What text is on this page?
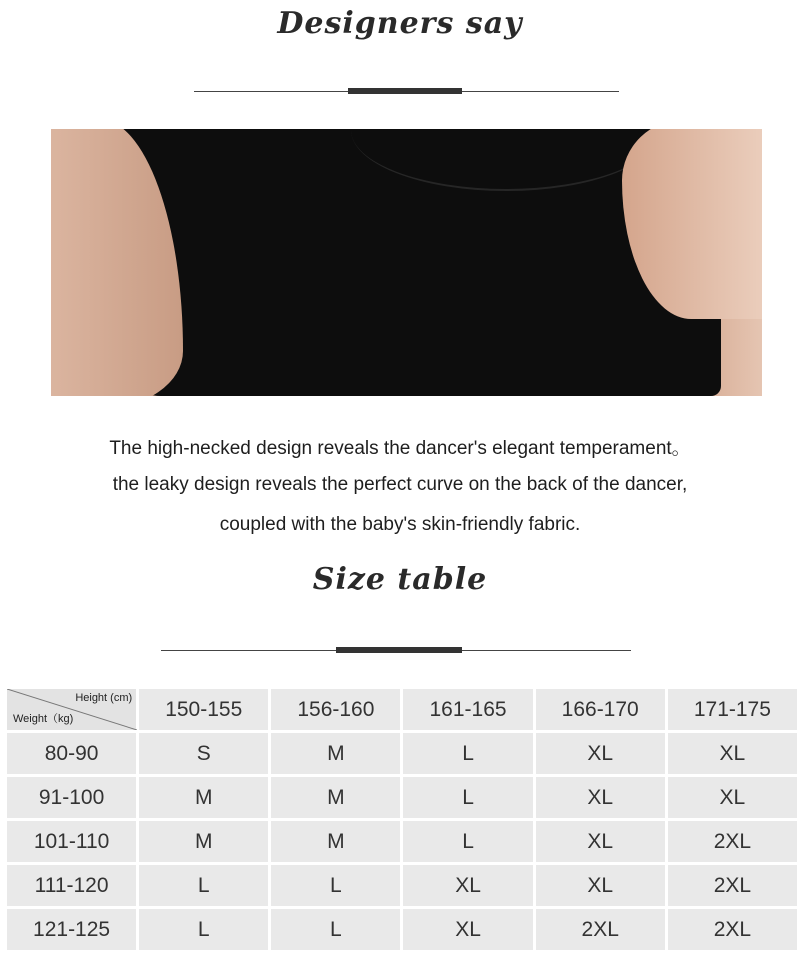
Designers say
The high-necked design reveals the dancer's elegant temperament。
the leaky design reveals the perfect curve on the back of the dancer,
coupled with the baby's skin-friendly fabric.
Size table
Height (cm)
Weight（kg)	150-155	156-160	161-165	166-170	171-175
80-90	S	M	L	XL	XL
91-100	M	M	L	XL	XL
101-110	M	M	L	XL	2XL
111-120	L	L	XL	XL	2XL
121-125	L	L	XL	2XL	2XL
